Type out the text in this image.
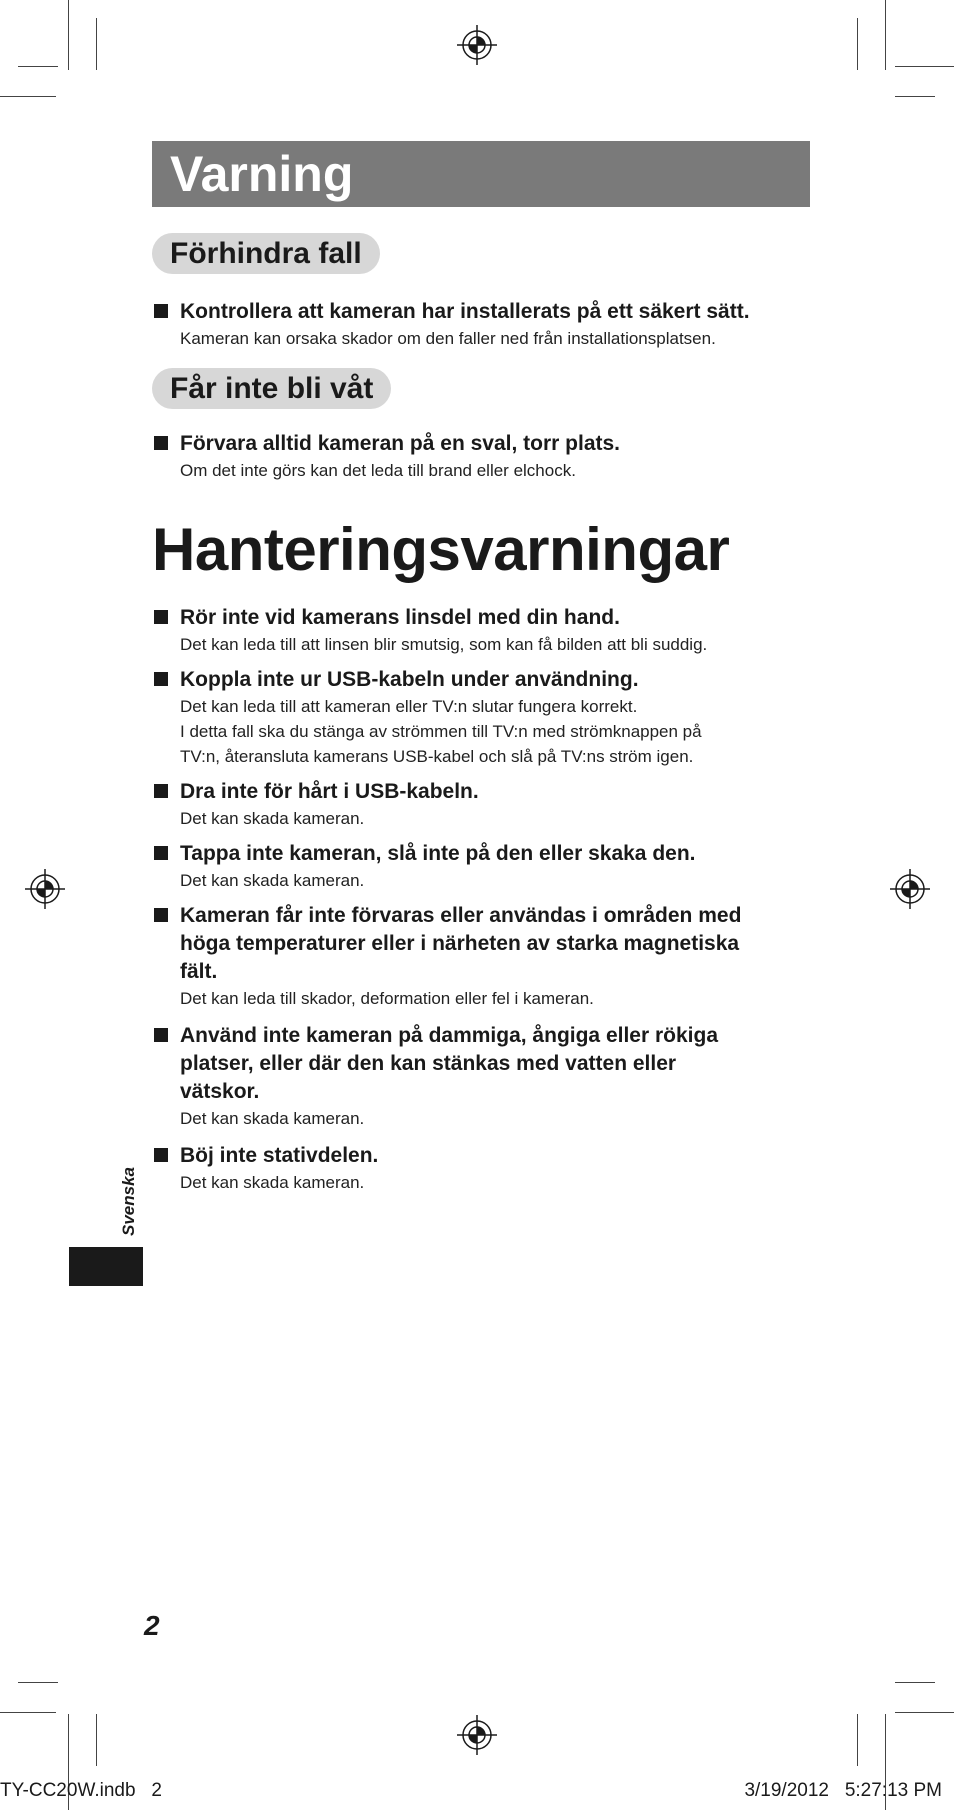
Varning
Förhindra fall
Kontrollera att kameran har installerats på ett säkert sätt.
Kameran kan orsaka skador om den faller ned från installationsplatsen.
Får inte bli våt
Förvara alltid kameran på en sval, torr plats.
Om det inte görs kan det leda till brand eller elchock.
Hanteringsvarningar
Rör inte vid kamerans linsdel med din hand.
Det kan leda till att linsen blir smutsig, som kan få bilden att bli suddig.
Koppla inte ur USB-kabeln under användning.
Det kan leda till att kameran eller TV:n slutar fungera korrekt.
I detta fall ska du stänga av strömmen till TV:n med strömknappen på
TV:n, återansluta kamerans USB-kabel och slå på TV:ns ström igen.
Dra inte för hårt i USB-kabeln.
Det kan skada kameran.
Tappa inte kameran, slå inte på den eller skaka den.
Det kan skada kameran.
Kameran får inte förvaras eller användas i områden med
höga temperaturer eller i närheten av starka magnetiska
fält.
Det kan leda till skador, deformation eller fel i kameran.
Använd inte kameran på dammiga, ångiga eller rökiga
platser, eller där den kan stänkas med vatten eller
vätskor.
Det kan skada kameran.
Böj inte stativdelen.
Det kan skada kameran.
Svenska
2
TY-CC20W.indb   2	3/19/2012   5:27:13 PM
